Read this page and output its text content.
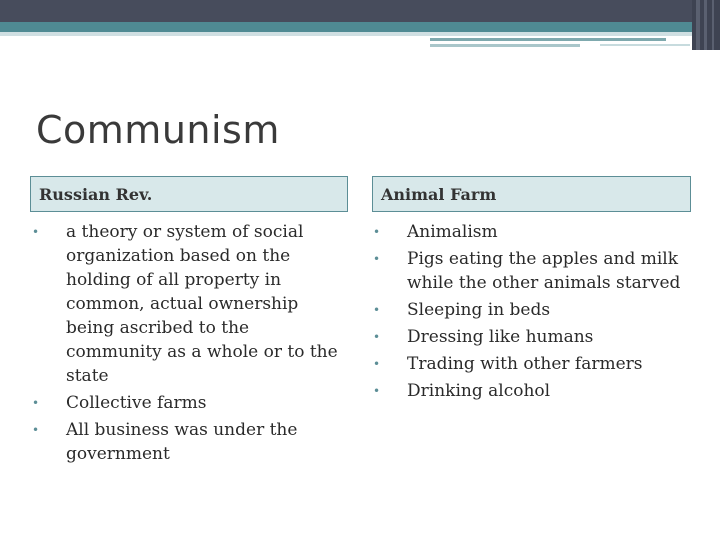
Communism
Russian Rev.	Animal Farm
•	a theory or system of social organization based on the holding of all property in common, actual ownership being ascribed to the community as a whole or to the state
•	Collective farms
•	All business was under the government
•	Animalism
•	Pigs eating the apples and milk while the other animals starved
•	Sleeping in beds
•	Dressing like humans
•	Trading with other farmers
•	Drinking alcohol
